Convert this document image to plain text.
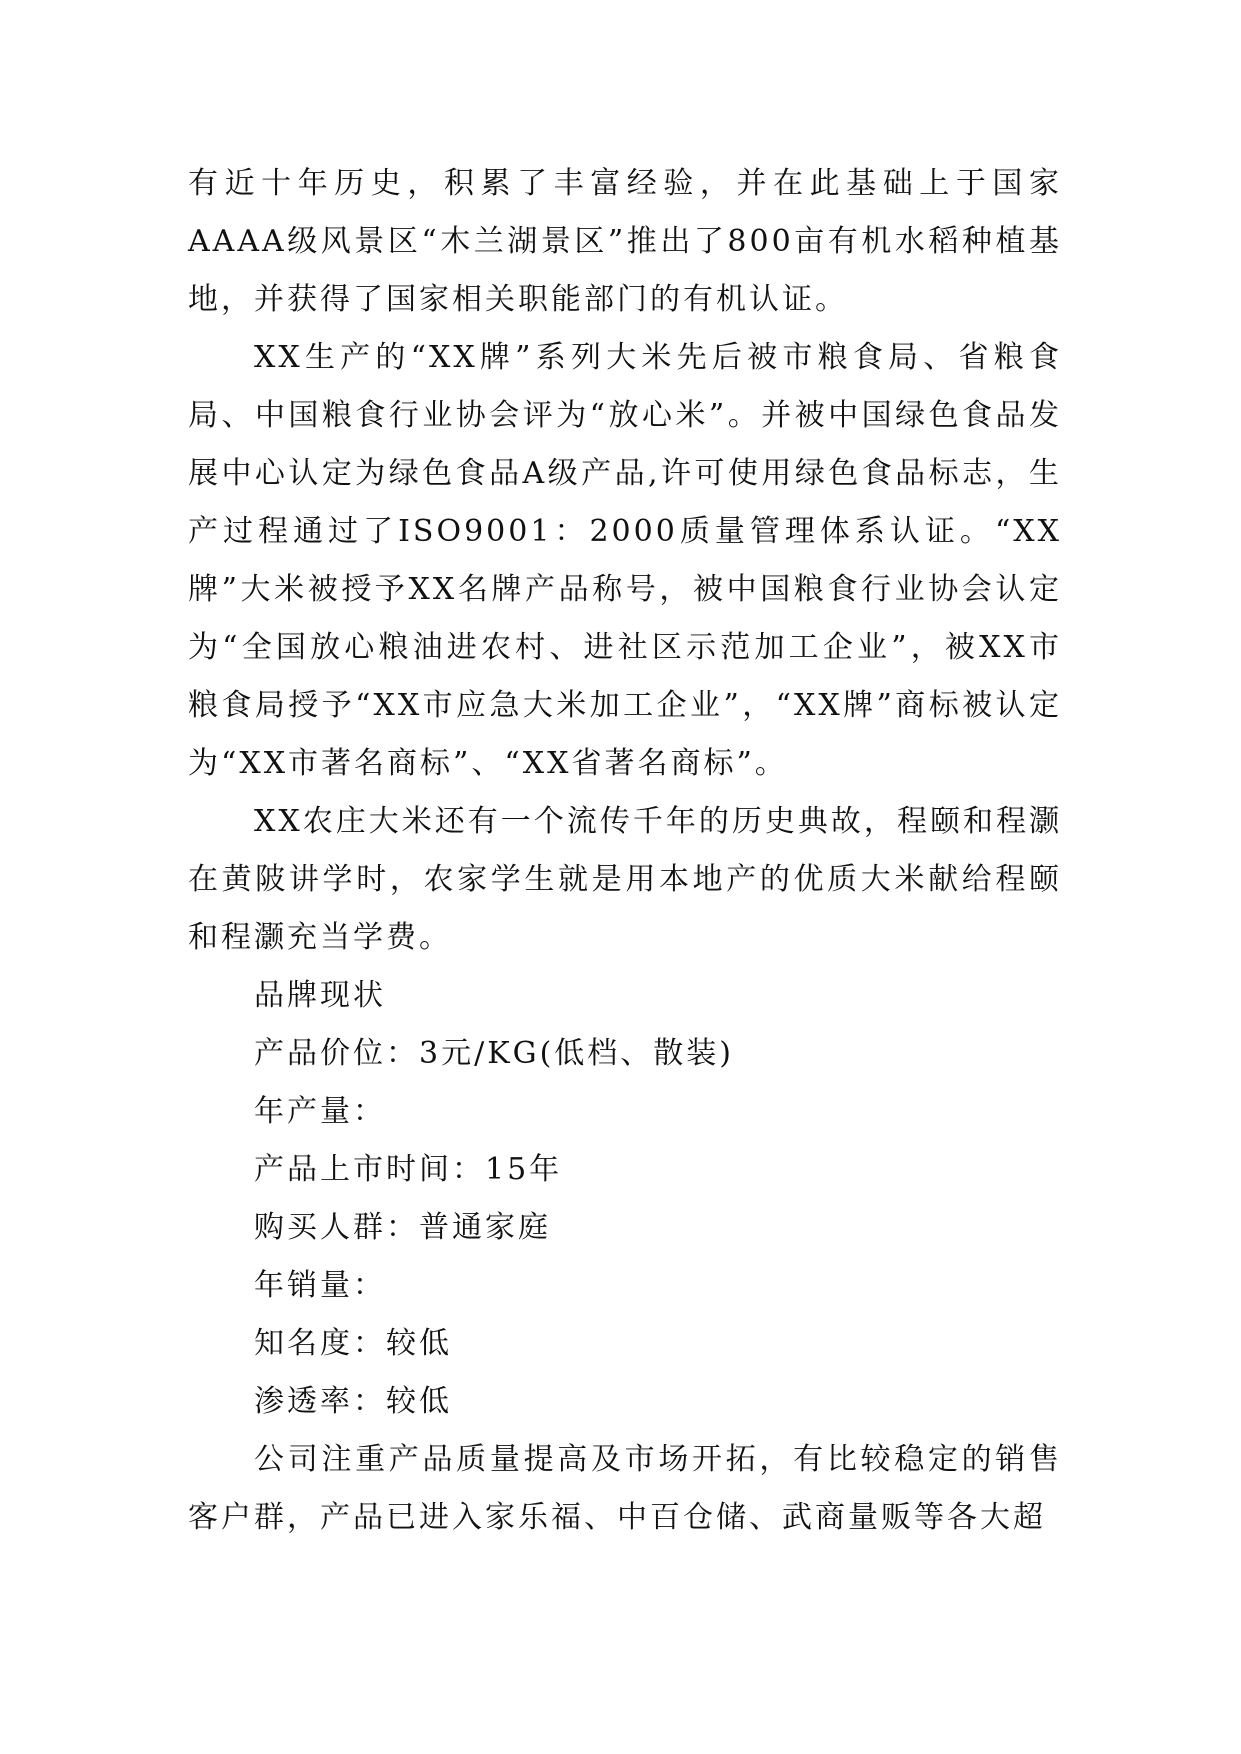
有近十年历史，积累了丰富经验，并在此基础上于国家AAAA级风景区“木兰湖景区”推出了800亩有机水稻种植基地，并获得了国家相关职能部门的有机认证。

XX生产的“XX牌”系列大米先后被市粮食局、省粮食局、中国粮食行业协会评为“放心米”。并被中国绿色食品发展中心认定为绿色食品A级产品,许可使用绿色食品标志，生产过程通过了ISO9001：2000质量管理体系认证。“XX牌”大米被授予XX名牌产品称号，被中国粮食行业协会认定为“全国放心粮油进农村、进社区示范加工企业”，被XX市粮食局授予“XX市应急大米加工企业”，“XX牌”商标被认定为“XX市著名商标”、“XX省著名商标”。

XX农庄大米还有一个流传千年的历史典故，程颐和程灏在黄陂讲学时，农家学生就是用本地产的优质大米献给程颐和程灏充当学费。

品牌现状

产品价位：3元/KG(低档、散装)

年产量：

产品上市时间：15年

购买人群：普通家庭

年销量：

知名度：较低

渗透率：较低

公司注重产品质量提高及市场开拓，有比较稳定的销售客户群，产品已进入家乐福、中百仓储、武商量贩等各大超
